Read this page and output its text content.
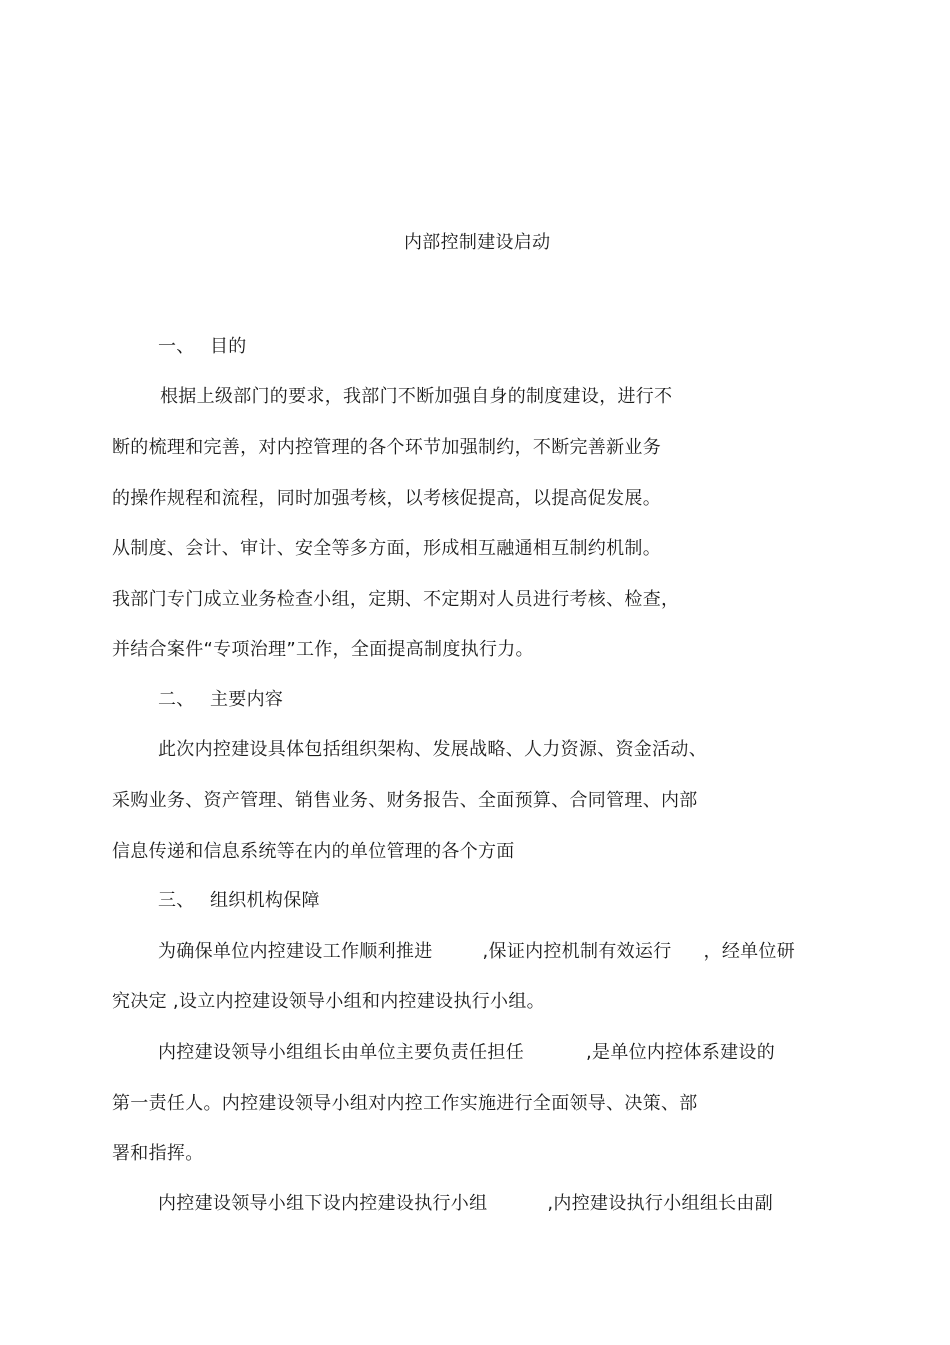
内部控制建设启动
一、 目的
根据上级部门的要求，我部门不断加强自身的制度建设，进行不
断的梳理和完善，对内控管理的各个环节加强制约，不断完善新业务
的操作规程和流程，同时加强考核，以考核促提高，以提高促发展。
从制度、会计、审计、安全等多方面，形成相互融通相互制约机制。
我部门专门成立业务检查小组，定期、不定期对人员进行考核、检查，
并结合案件“专项治理”工作，全面提高制度执行力。
二、 主要内容
此次内控建设具体包括组织架构、发展战略、人力资源、资金活动、
采购业务、资产管理、销售业务、财务报告、全面预算、合同管理、内部
信息传递和信息系统等在内的单位管理的各个方面
三、 组织机构保障
为确保单位内控建设工作顺利推进	,保证内控机制有效运行 ，经单位研
究决定 ,设立内控建设领导小组和内控建设执行小组。
内控建设领导小组组长由单位主要负责任担任	,是单位内控体系建设的
第一责任人。内控建设领导小组对内控工作实施进行全面领导、决策、部
署和指挥。
内控建设领导小组下设内控建设执行小组	,内控建设执行小组组长由副
